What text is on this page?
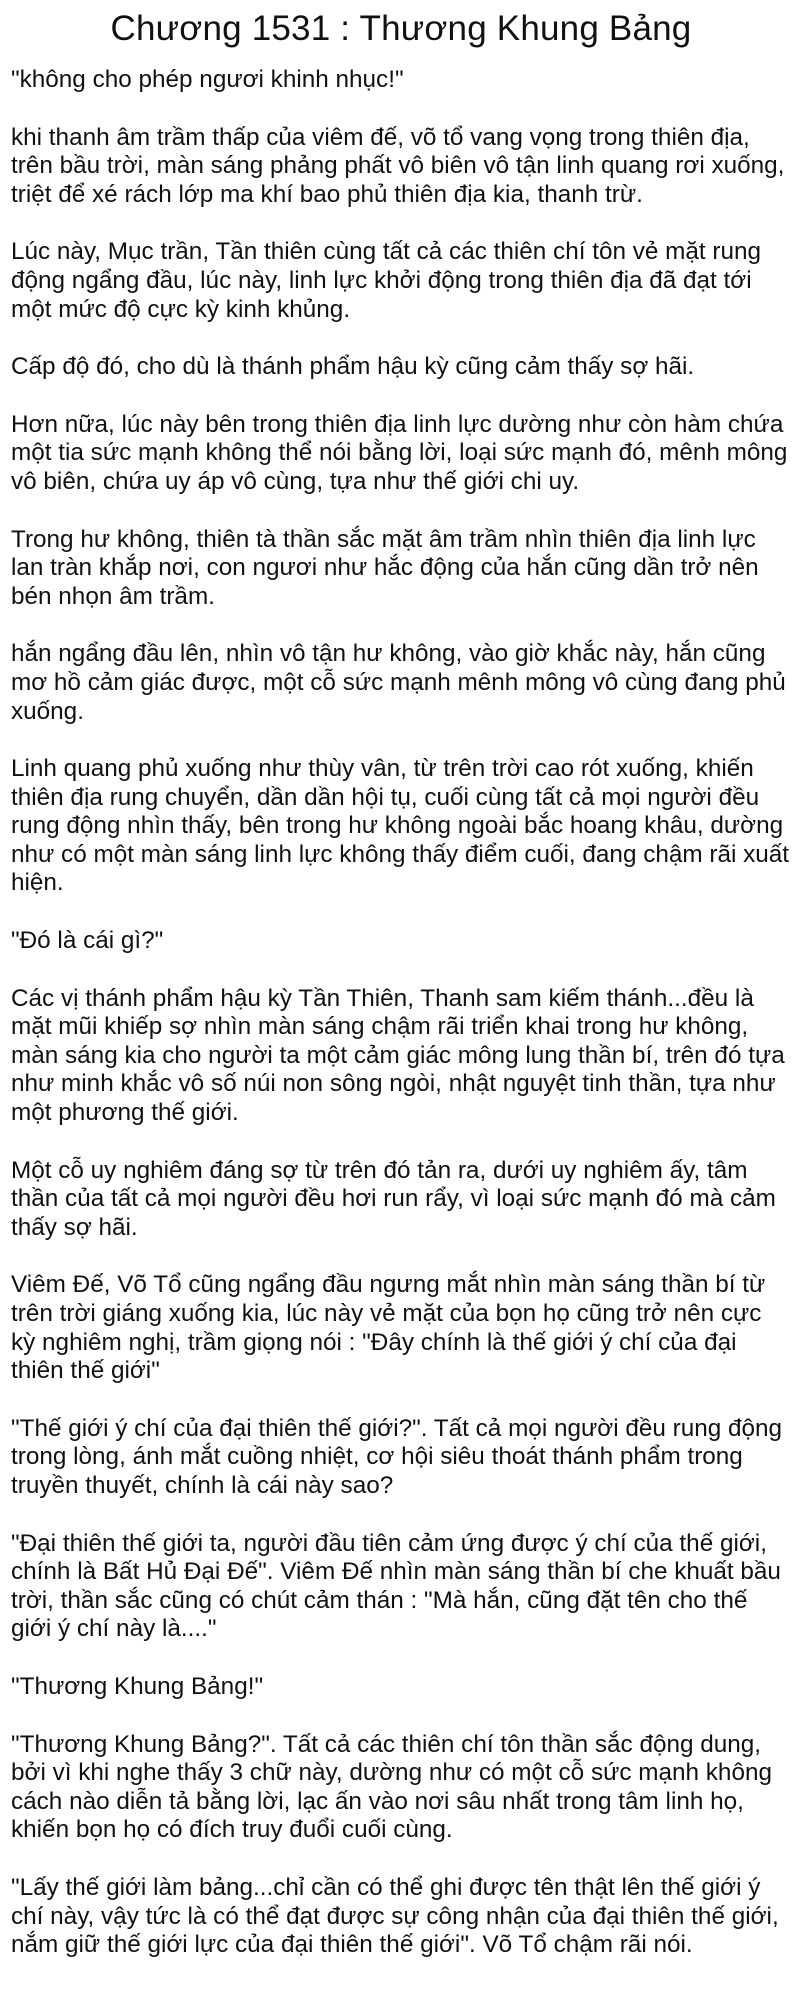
Chương 1531 : Thương Khung Bảng

"không cho phép ngươi khinh nhục!"

khi thanh âm trầm thấp của viêm đế, võ tổ vang vọng trong thiên địa, trên bầu trời, màn sáng phảng phất vô biên vô tận linh quang rơi xuống, triệt để xé rách lớp ma khí bao phủ thiên địa kia, thanh trừ.

Lúc này, Mục trần, Tần thiên cùng tất cả các thiên chí tôn vẻ mặt rung động ngẩng đầu, lúc này, linh lực khởi động trong thiên địa đã đạt tới một mức độ cực kỳ kinh khủng.

Cấp độ đó, cho dù là thánh phẩm hậu kỳ cũng cảm thấy sợ hãi.

Hơn nữa, lúc này bên trong thiên địa linh lực dường như còn hàm chứa một tia sức mạnh không thể nói bằng lời, loại sức mạnh đó, mênh mông vô biên, chứa uy áp vô cùng, tựa như thế giới chi uy.

Trong hư không, thiên tà thần sắc mặt âm trầm nhìn thiên địa linh lực lan tràn khắp nơi, con ngươi như hắc động của hắn cũng dần trở nên bén nhọn âm trầm.

hắn ngẩng đầu lên, nhìn vô tận hư không, vào giờ khắc này, hắn cũng mơ hồ cảm giác được, một cỗ sức mạnh mênh mông vô cùng đang phủ xuống.

Linh quang phủ xuống như thùy vân, từ trên trời cao rót xuống, khiến thiên địa rung chuyển, dần dần hội tụ, cuối cùng tất cả mọi người đều rung động nhìn thấy, bên trong hư không ngoài bắc hoang khâu, dường như có một màn sáng linh lực không thấy điểm cuối, đang chậm rãi xuất hiện.

"Đó là cái gì?"

Các vị thánh phẩm hậu kỳ Tần Thiên, Thanh sam kiếm thánh...đều là mặt mũi khiếp sợ nhìn màn sáng chậm rãi triển khai trong hư không, màn sáng kia cho người ta một cảm giác mông lung thần bí, trên đó tựa như minh khắc vô số núi non sông ngòi, nhật nguyệt tinh thần, tựa như một phương thế giới.

Một cỗ uy nghiêm đáng sợ từ trên đó tản ra, dưới uy nghiêm ấy, tâm thần của tất cả mọi người đều hơi run rẩy, vì loại sức mạnh đó mà cảm thấy sợ hãi.

Viêm Đế, Võ Tổ cũng ngẩng đầu ngưng mắt nhìn màn sáng thần bí từ trên trời giáng xuống kia, lúc này vẻ mặt của bọn họ cũng trở nên cực kỳ nghiêm nghị, trầm giọng nói : "Đây chính là thế giới ý chí của đại thiên thế giới"

"Thế giới ý chí của đại thiên thế giới?". Tất cả mọi người đều rung động trong lòng, ánh mắt cuồng nhiệt, cơ hội siêu thoát thánh phẩm trong truyền thuyết, chính là cái này sao?

"Đại thiên thế giới ta, người đầu tiên cảm ứng được ý chí của thế giới, chính là Bất Hủ Đại Đế". Viêm Đế nhìn màn sáng thần bí che khuất bầu trời, thần sắc cũng có chút cảm thán : "Mà hắn, cũng đặt tên cho thế giới ý chí này là...."

"Thương Khung Bảng!"

"Thương Khung Bảng?". Tất cả các thiên chí tôn thần sắc động dung, bởi vì khi nghe thấy 3 chữ này, dường như có một cỗ sức mạnh không cách nào diễn tả bằng lời, lạc ấn vào nơi sâu nhất trong tâm linh họ, khiến bọn họ có đích truy đuổi cuối cùng.

"Lấy thế giới làm bảng...chỉ cần có thể ghi được tên thật lên thế giới ý chí này, vậy tức là có thể đạt được sự công nhận của đại thiên thế giới, nắm giữ thế giới lực của đại thiên thế giới". Võ Tổ chậm rãi nói.
